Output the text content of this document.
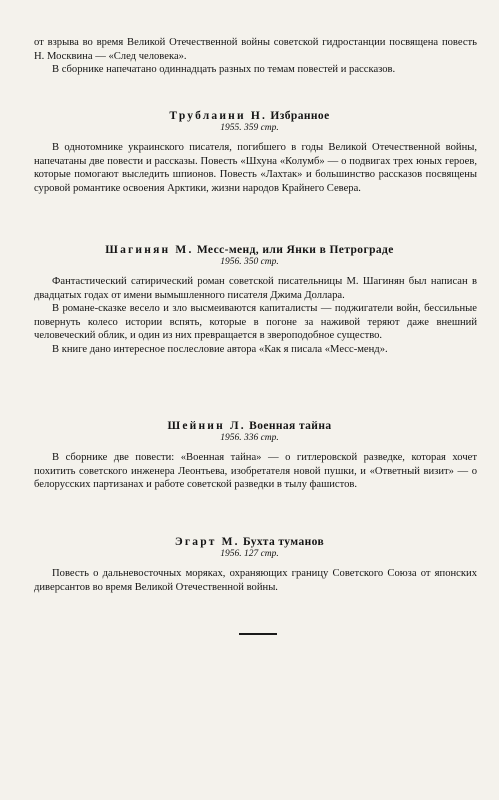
от взрыва во время Великой Отечественной войны советской гидростанции посвящена повесть Н. Москвина — «След человека».

В сборнике напечатано одиннадцать разных по темам повестей и рассказов.

Трублаини Н. Избранное
1955. 359 стр.

В однотомнике украинского писателя, погибшего в годы Великой Отечественной войны, напечатаны две повести и рассказы. Повесть «Шхуна «Колумб» — о подвигах трех юных героев, которые помогают выследить шпионов. Повесть «Лахтак» и большинство рассказов посвящены суровой романтике освоения Арктики, жизни народов Крайнего Севера.

Шагинян М. Месс-менд, или Янки в Петрограде
1956. 350 стр.

Фантастический сатирический роман советской писательницы М. Шагинян был написан в двадцатых годах от имени вымышленного писателя Джима Доллара.

В романе-сказке весело и зло высмеиваются капиталисты — поджигатели войн, бессильные повернуть колесо истории вспять, которые в погоне за наживой теряют даже внешний человеческий облик, и один из них превращается в звероподобное существо.

В книге дано интересное послесловие автора «Как я писала «Месс-менд».

Шейнин Л. Военная тайна
1956. 336 стр.

В сборнике две повести: «Военная тайна» — о гитлеровской разведке, которая хочет похитить советского инженера Леонтьева, изобретателя новой пушки, и «Ответный визит» — о белорусских партизанах и работе советской разведки в тылу фашистов.

Эгарт М. Бухта туманов
1956. 127 стр.

Повесть о дальневосточных моряках, охраняющих границу Советского Союза от японских диверсантов во время Великой Отечественной войны.
